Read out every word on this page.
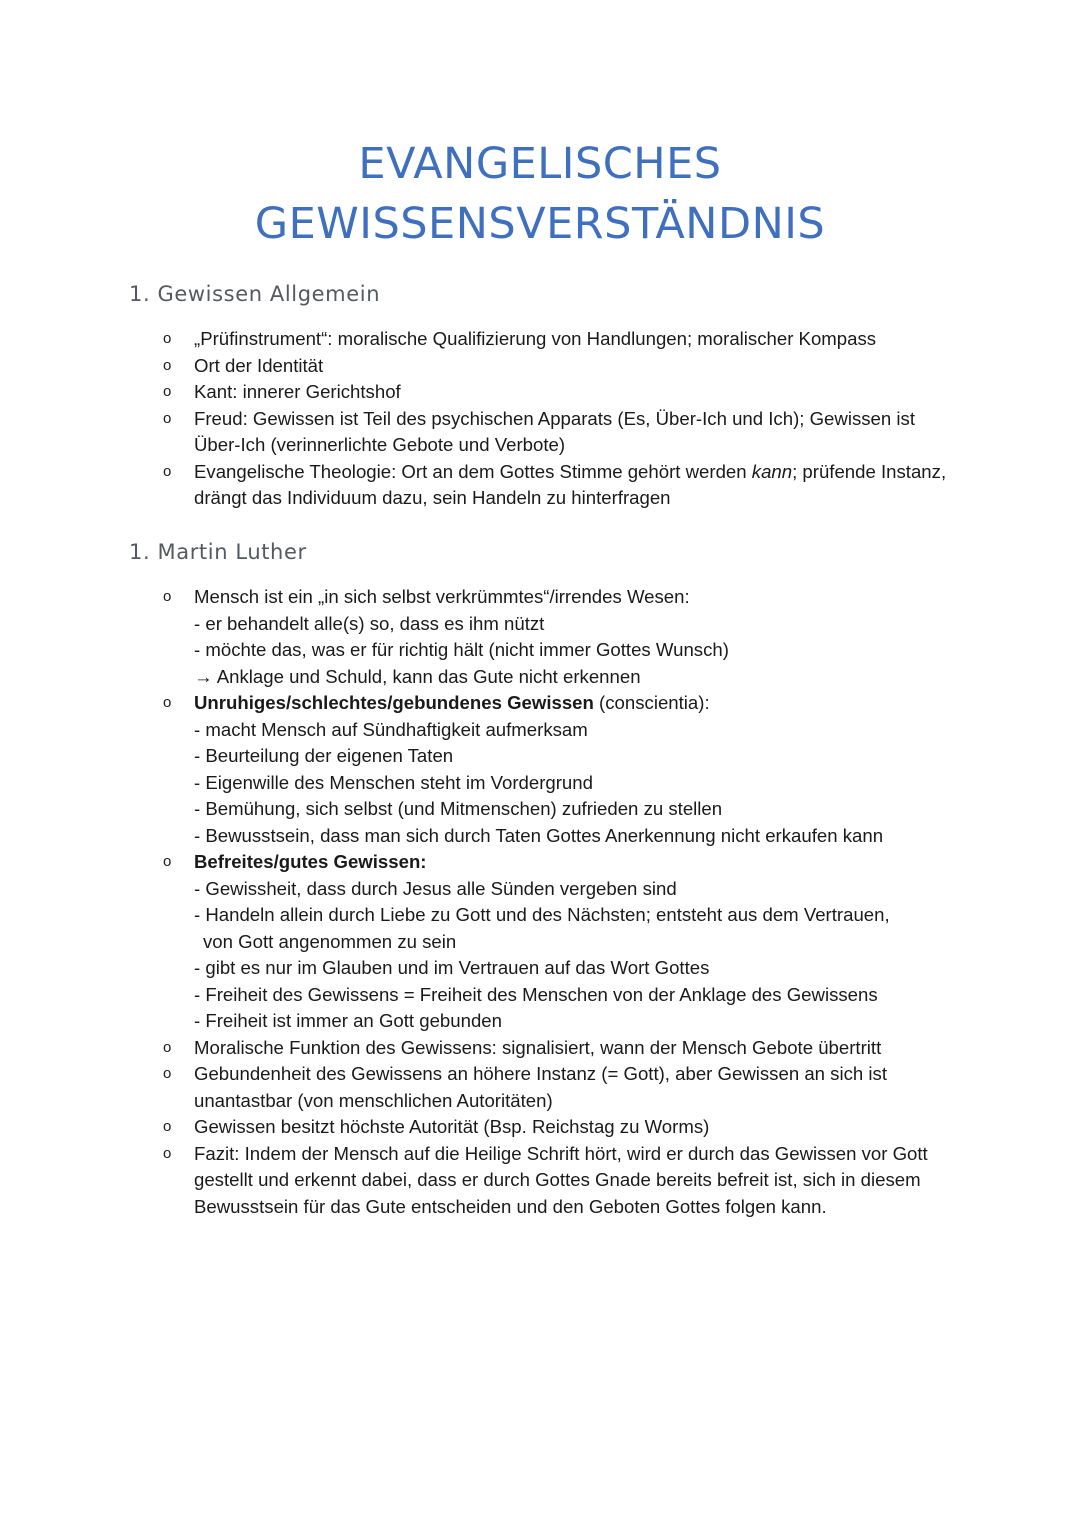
EVANGELISCHES
GEWISSENSVERSTÄNDNIS
1. Gewissen Allgemein
o „Prüfinstrument“: moralische Qualifizierung von Handlungen; moralischer Kompass
o Ort der Identität
o Kant: innerer Gerichtshof
o Freud: Gewissen ist Teil des psychischen Apparats (Es, Über-Ich und Ich); Gewissen ist Über-Ich (verinnerlichte Gebote und Verbote)
o Evangelische Theologie: Ort an dem Gottes Stimme gehört werden kann; prüfende Instanz, drängt das Individuum dazu, sein Handeln zu hinterfragen
1. Martin Luther
o Mensch ist ein „in sich selbst verkrümmtes“/irrendes Wesen:
- er behandelt alle(s) so, dass es ihm nützt
- möchte das, was er für richtig hält (nicht immer Gottes Wunsch)
→ Anklage und Schuld, kann das Gute nicht erkennen
o Unruhiges/schlechtes/gebundenes Gewissen (conscientia):
- macht Mensch auf Sündhaftigkeit aufmerksam
- Beurteilung der eigenen Taten
- Eigenwille des Menschen steht im Vordergrund
- Bemühung, sich selbst (und Mitmenschen) zufrieden zu stellen
- Bewusstsein, dass man sich durch Taten Gottes Anerkennung nicht erkaufen kann
o Befreites/gutes Gewissen:
- Gewissheit, dass durch Jesus alle Sünden vergeben sind
- Handeln allein durch Liebe zu Gott und des Nächsten; entsteht aus dem Vertrauen,
von Gott angenommen zu sein
- gibt es nur im Glauben und im Vertrauen auf das Wort Gottes
- Freiheit des Gewissens = Freiheit des Menschen von der Anklage des Gewissens
- Freiheit ist immer an Gott gebunden
o Moralische Funktion des Gewissens: signalisiert, wann der Mensch Gebote übertritt
o Gebundenheit des Gewissens an höhere Instanz (= Gott), aber Gewissen an sich ist unantastbar (von menschlichen Autoritäten)
o Gewissen besitzt höchste Autorität (Bsp. Reichstag zu Worms)
o Fazit: Indem der Mensch auf die Heilige Schrift hört, wird er durch das Gewissen vor Gott gestellt und erkennt dabei, dass er durch Gottes Gnade bereits befreit ist, sich in diesem Bewusstsein für das Gute entscheiden und den Geboten Gottes folgen kann.
